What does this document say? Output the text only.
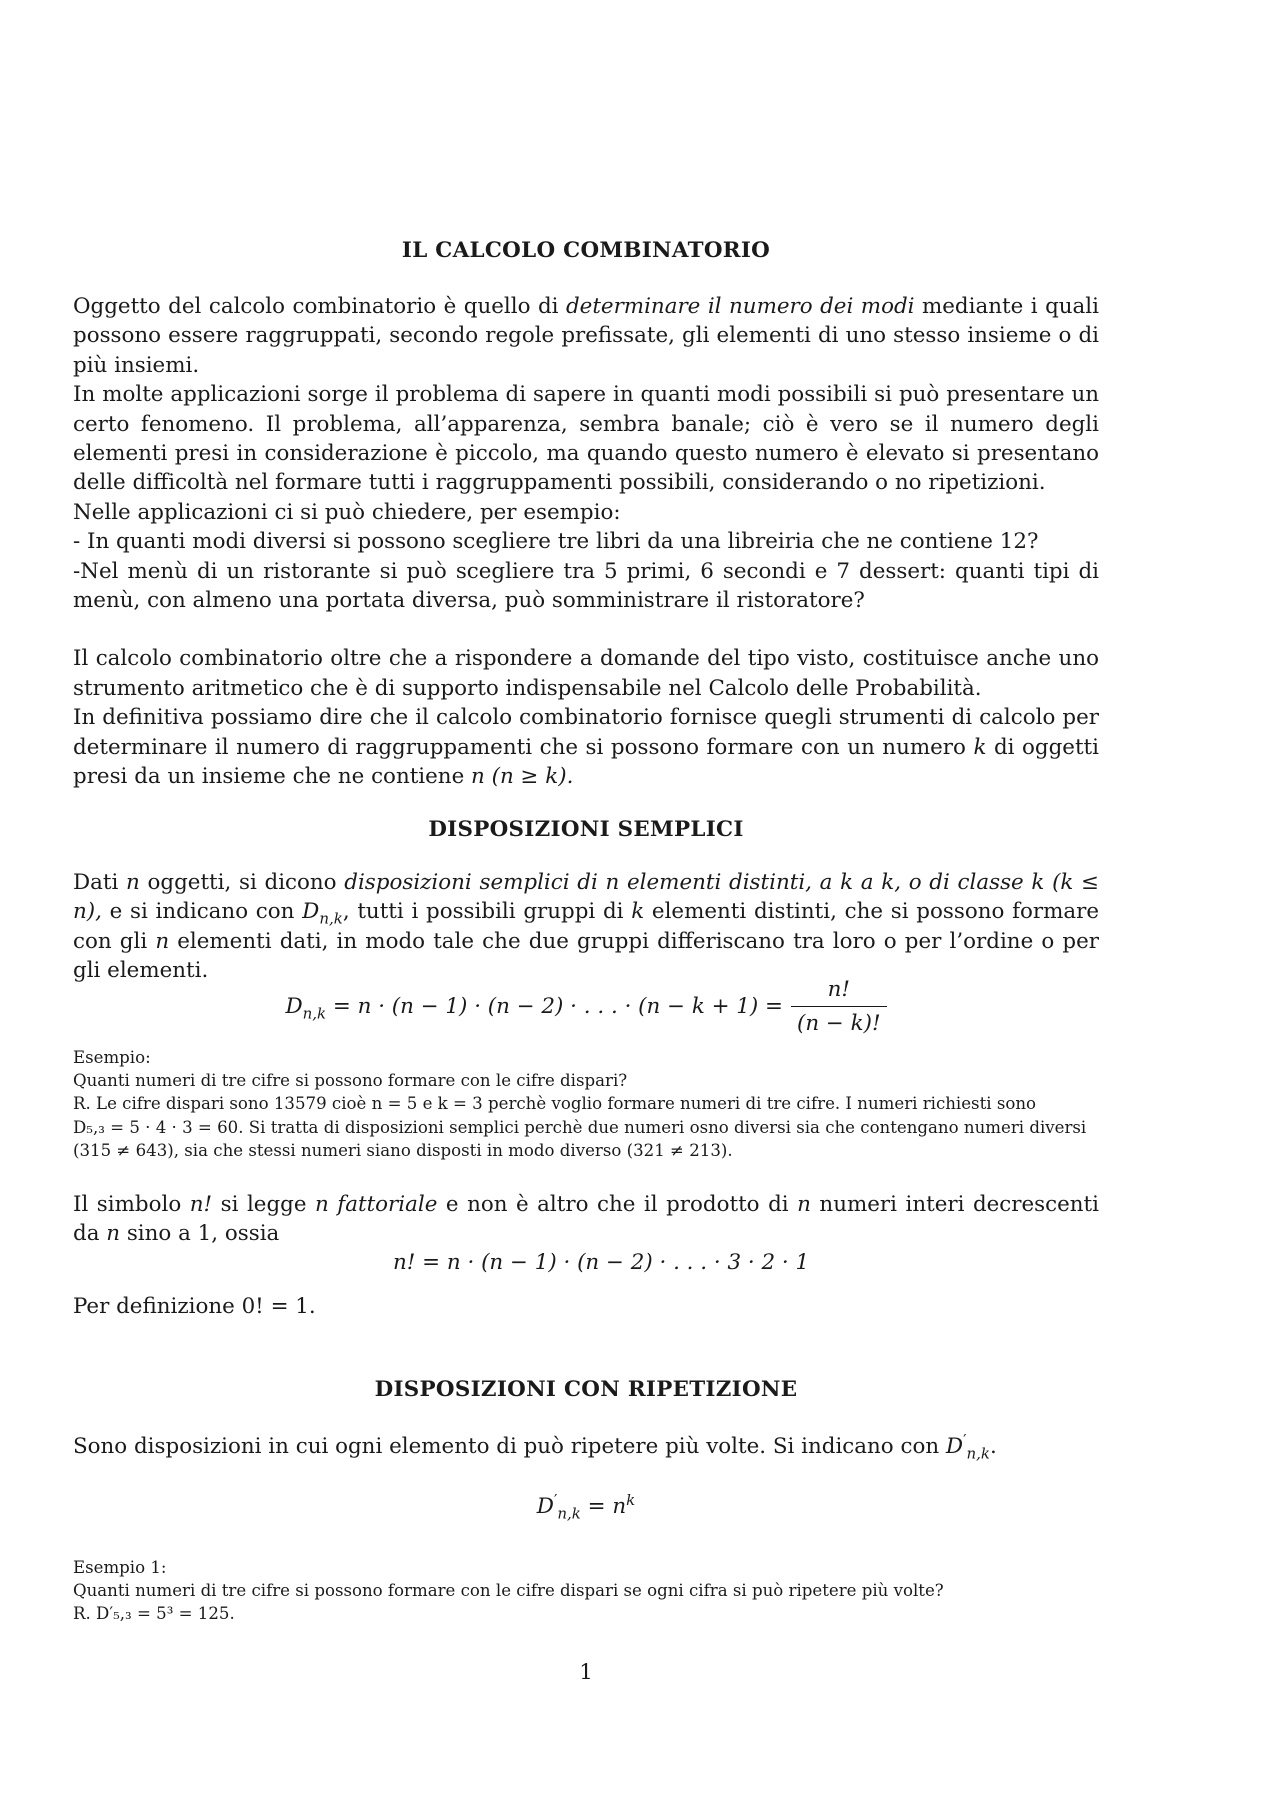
IL CALCOLO COMBINATORIO

Oggetto del calcolo combinatorio è quello di determinare il numero dei modi mediante i quali possono essere raggruppati, secondo regole prefissate, gli elementi di uno stesso insieme o di più insiemi.

In molte applicazioni sorge il problema di sapere in quanti modi possibili si può presentare un certo fenomeno. Il problema, all’apparenza, sembra banale; ciò è vero se il numero degli elementi presi in considerazione è piccolo, ma quando questo numero è elevato si presentano delle difficoltà nel formare tutti i raggruppamenti possibili, considerando o no ripetizioni.

Nelle applicazioni ci si può chiedere, per esempio:

- In quanti modi diversi si possono scegliere tre libri da una libreiria che ne contiene 12?

-Nel menù di un ristorante si può scegliere tra 5 primi, 6 secondi e 7 dessert: quanti tipi di menù, con almeno una portata diversa, può somministrare il ristoratore?

Il calcolo combinatorio oltre che a rispondere a domande del tipo visto, costituisce anche uno strumento aritmetico che è di supporto indispensabile nel Calcolo delle Probabilità.

In definitiva possiamo dire che il calcolo combinatorio fornisce quegli strumenti di calcolo per determinare il numero di raggruppamenti che si possono formare con un numero k di oggetti presi da un insieme che ne contiene n (n ≥ k).

DISPOSIZIONI SEMPLICI

Dati n oggetti, si dicono disposizioni semplici di n elementi distinti, a k a k, o di classe k (k ≤ n), e si indicano con $D_{n,k}$, tutti i possibili gruppi di k elementi distinti, che si possono formare con gli n elementi dati, in modo tale che due gruppi differiscano tra loro o per l’ordine o per gli elementi.

$D_{n,k} = n \cdot (n - 1) \cdot (n - 2)$ · . . . · $(n - k + 1) = \frac{n!}{(n - k)!}$

Esempio:

Quanti numeri di tre cifre si possono formare con le cifre dispari?

R. Le cifre dispari sono 13579 cioè n = 5 e k = 3 perchè voglio formare numeri di tre cifre. I numeri richiesti sono

D₅,₃ = 5 · 4 · 3 = 60. Si tratta di disposizioni semplici perchè due numeri osno diversi sia che contengano numeri diversi

(315 ≠ 643), sia che stessi numeri siano disposti in modo diverso (321 ≠ 213).

Il simbolo n! si legge n fattoriale e non è altro che il prodotto di n numeri interi decrescenti da n sino a 1, ossia

n! = n · (n − 1) · (n − 2) · . . . · 3 · 2 · 1

Per definizione 0! = 1.

DISPOSIZIONI CON RIPETIZIONE

Sono disposizioni in cui ogni elemento di può ripetere più volte. Si indicano con $D'_{n,k}$.

$D'_{n,k} = n^k$

Esempio 1:

Quanti numeri di tre cifre si possono formare con le cifre dispari se ogni cifra si può ripetere più volte?

R. D′₅,₃ = 5³ = 125.

1
